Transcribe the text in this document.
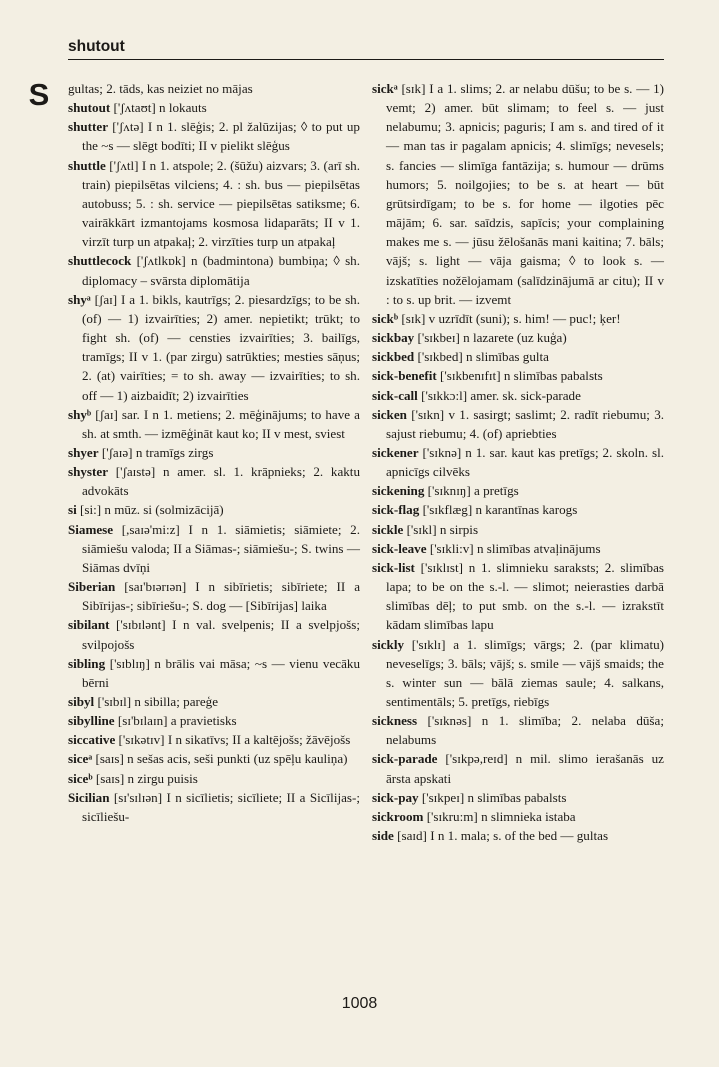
shutout
S	gultas; 2. tāds, kas neiziet no mājas

shutout ['ʃʌtaʊt] n lokauts

shutter ['ʃʌtə] I n 1. slēģis; 2. pl žalūzijas; ◊ to put up the ~s — slēgt bodīti; II v pielikt slēģus

shuttle ['ʃʌtl] I n 1. atspole; 2. (šūžu) aizvars; 3. (arī sh. train) piepilsētas vilciens; 4. : sh. bus — piepilsētas autobuss; 5. : sh. service — piepilsētas satiksme; 6. vairākkārt izmantojams kosmosa lidaparāts; II v 1. virzīt turp un atpakaļ; 2. virzīties turp un atpakaļ

shuttlecock ['ʃʌtlkɒk] n (badmintona) bumbiņa; ◊ sh. diplomacy – svārsta diplomātija

shyᵃ [ʃaɪ] I a 1. bikls, kautrīgs; 2. piesardzīgs; to be sh. (of) — 1) izvairīties; 2) amer. nepietikt; trūkt; to fight sh. (of) — censties izvairīties; 3. bailīgs, tramīgs; II v 1. (par zirgu) satrūkties; mesties sāņus; 2. (at) vairīties; = to sh. away — izvairīties; to sh. off — 1) aizbaidīt; 2) izvairīties

shyᵇ [ʃaɪ] sar. I n 1. metiens; 2. mēģinājums; to have a sh. at smth. — izmēģināt kaut ko; II v mest, sviest

shyer ['ʃaɪə] n tramīgs zirgs

shyster ['ʃaɪstə] n amer. sl. 1. krāpnieks; 2. kaktu advokāts

si [si:] n mūz. si (solmizācijā)

Siamese [,saɪə'mi:z] I n 1. siāmietis; siāmiete; 2. siāmiešu valoda; II a Siāmas-; siāmiešu-; S. twins — Siāmas dvīņi

Siberian [saɪ'bɪərɪən] I n sibīrietis; sibīriete; II a Sibīrijas-; sibīriešu-; S. dog — [Sibīrijas] laika

sibilant ['sɪbɪlənt] I n val. svelpenis; II a svelpjošs; svilpojošs

sibling ['sɪblɪŋ] n brālis vai māsa; ~s — vienu vecāku bērni

sibyl ['sɪbɪl] n sibilla; pareģe

sibylline [sɪ'bɪlaɪn] a pravietisks

siccative ['sɪkətɪv] I n sikatīvs; II a kaltējošs; žāvējošs

siceᵃ [saɪs] n sešas acis, seši punkti (uz spēļu kauliņa)

siceᵇ [saɪs] n zirgu puisis

Sicilian [sɪ'sɪlɪən] I n sicīlietis; sicīliete; II a Sicīlijas-; sicīliešu-

sickᵃ [sɪk] I a 1. slims; 2. ar nelabu dūšu; to be s. — 1) vemt; 2) amer. būt slimam; to feel s. — just nelabumu; 3. apnicis; paguris; I am s. and tired of it — man tas ir pagalam apnicis; 4. slimīgs; nevesels; s. fancies — slimīga fantāzija; s. humour — drūms humors; 5. noilgojies; to be s. at heart — būt grūtsirdīgam; to be s. for home — ilgoties pēc mājām; 6. sar. saīdzis, sapīcis; your complaining makes me s. — jūsu žēlošanās mani kaitina; 7. bāls; vājš; s. light — vāja gaisma; ◊ to look s. — izskatīties nožēlojamam (salīdzinājumā ar citu); II v : to s. up brit. — izvemt

sickᵇ [sɪk] v uzrīdīt (suni); s. him! — puc!; ķer!

sickbay ['sɪkbeɪ] n lazarete (uz kuģa)

sickbed ['sɪkbed] n slimības gulta

sick-benefit ['sɪkbenɪfɪt] n slimības pabalsts

sick-call ['sɪkkɔ:l] amer. sk. sick-parade

sicken ['sɪkn] v 1. sasirgt; saslimt; 2. radīt riebumu; 3. sajust riebumu; 4. (of) apriebties

sickener ['sɪknə] n 1. sar. kaut kas pretīgs; 2. skoln. sl. apnicīgs cilvēks

sickening ['sɪknɪŋ] a pretīgs

sick-flag ['sɪkflæg] n karantīnas karogs

sickle ['sɪkl] n sirpis

sick-leave ['sɪkli:v] n slimības atvaļinājums

sick-list ['sɪklɪst] n 1. slimnieku saraksts; 2. slimības lapa; to be on the s.-l. — slimot; neierasties darbā slimības dēļ; to put smb. on the s.-l. — izrakstīt kādam slimības lapu

sickly ['sɪklɪ] a 1. slimīgs; vārgs; 2. (par klimatu) neveselīgs; 3. bāls; vājš; s. smile — vājš smaids; the s. winter sun — bālā ziemas saule; 4. salkans, sentimentāls; 5. pretīgs, riebīgs

sickness ['sɪknəs] n 1. slimība; 2. nelaba dūša; nelabums

sick-parade ['sɪkpə,reɪd] n mil. slimo ierašanās uz ārsta apskati

sick-pay ['sɪkpeɪ] n slimības pabalsts

sickroom ['sɪkru:m] n slimnieka istaba

side [saɪd] I n 1. mala; s. of the bed — gultas

1008
